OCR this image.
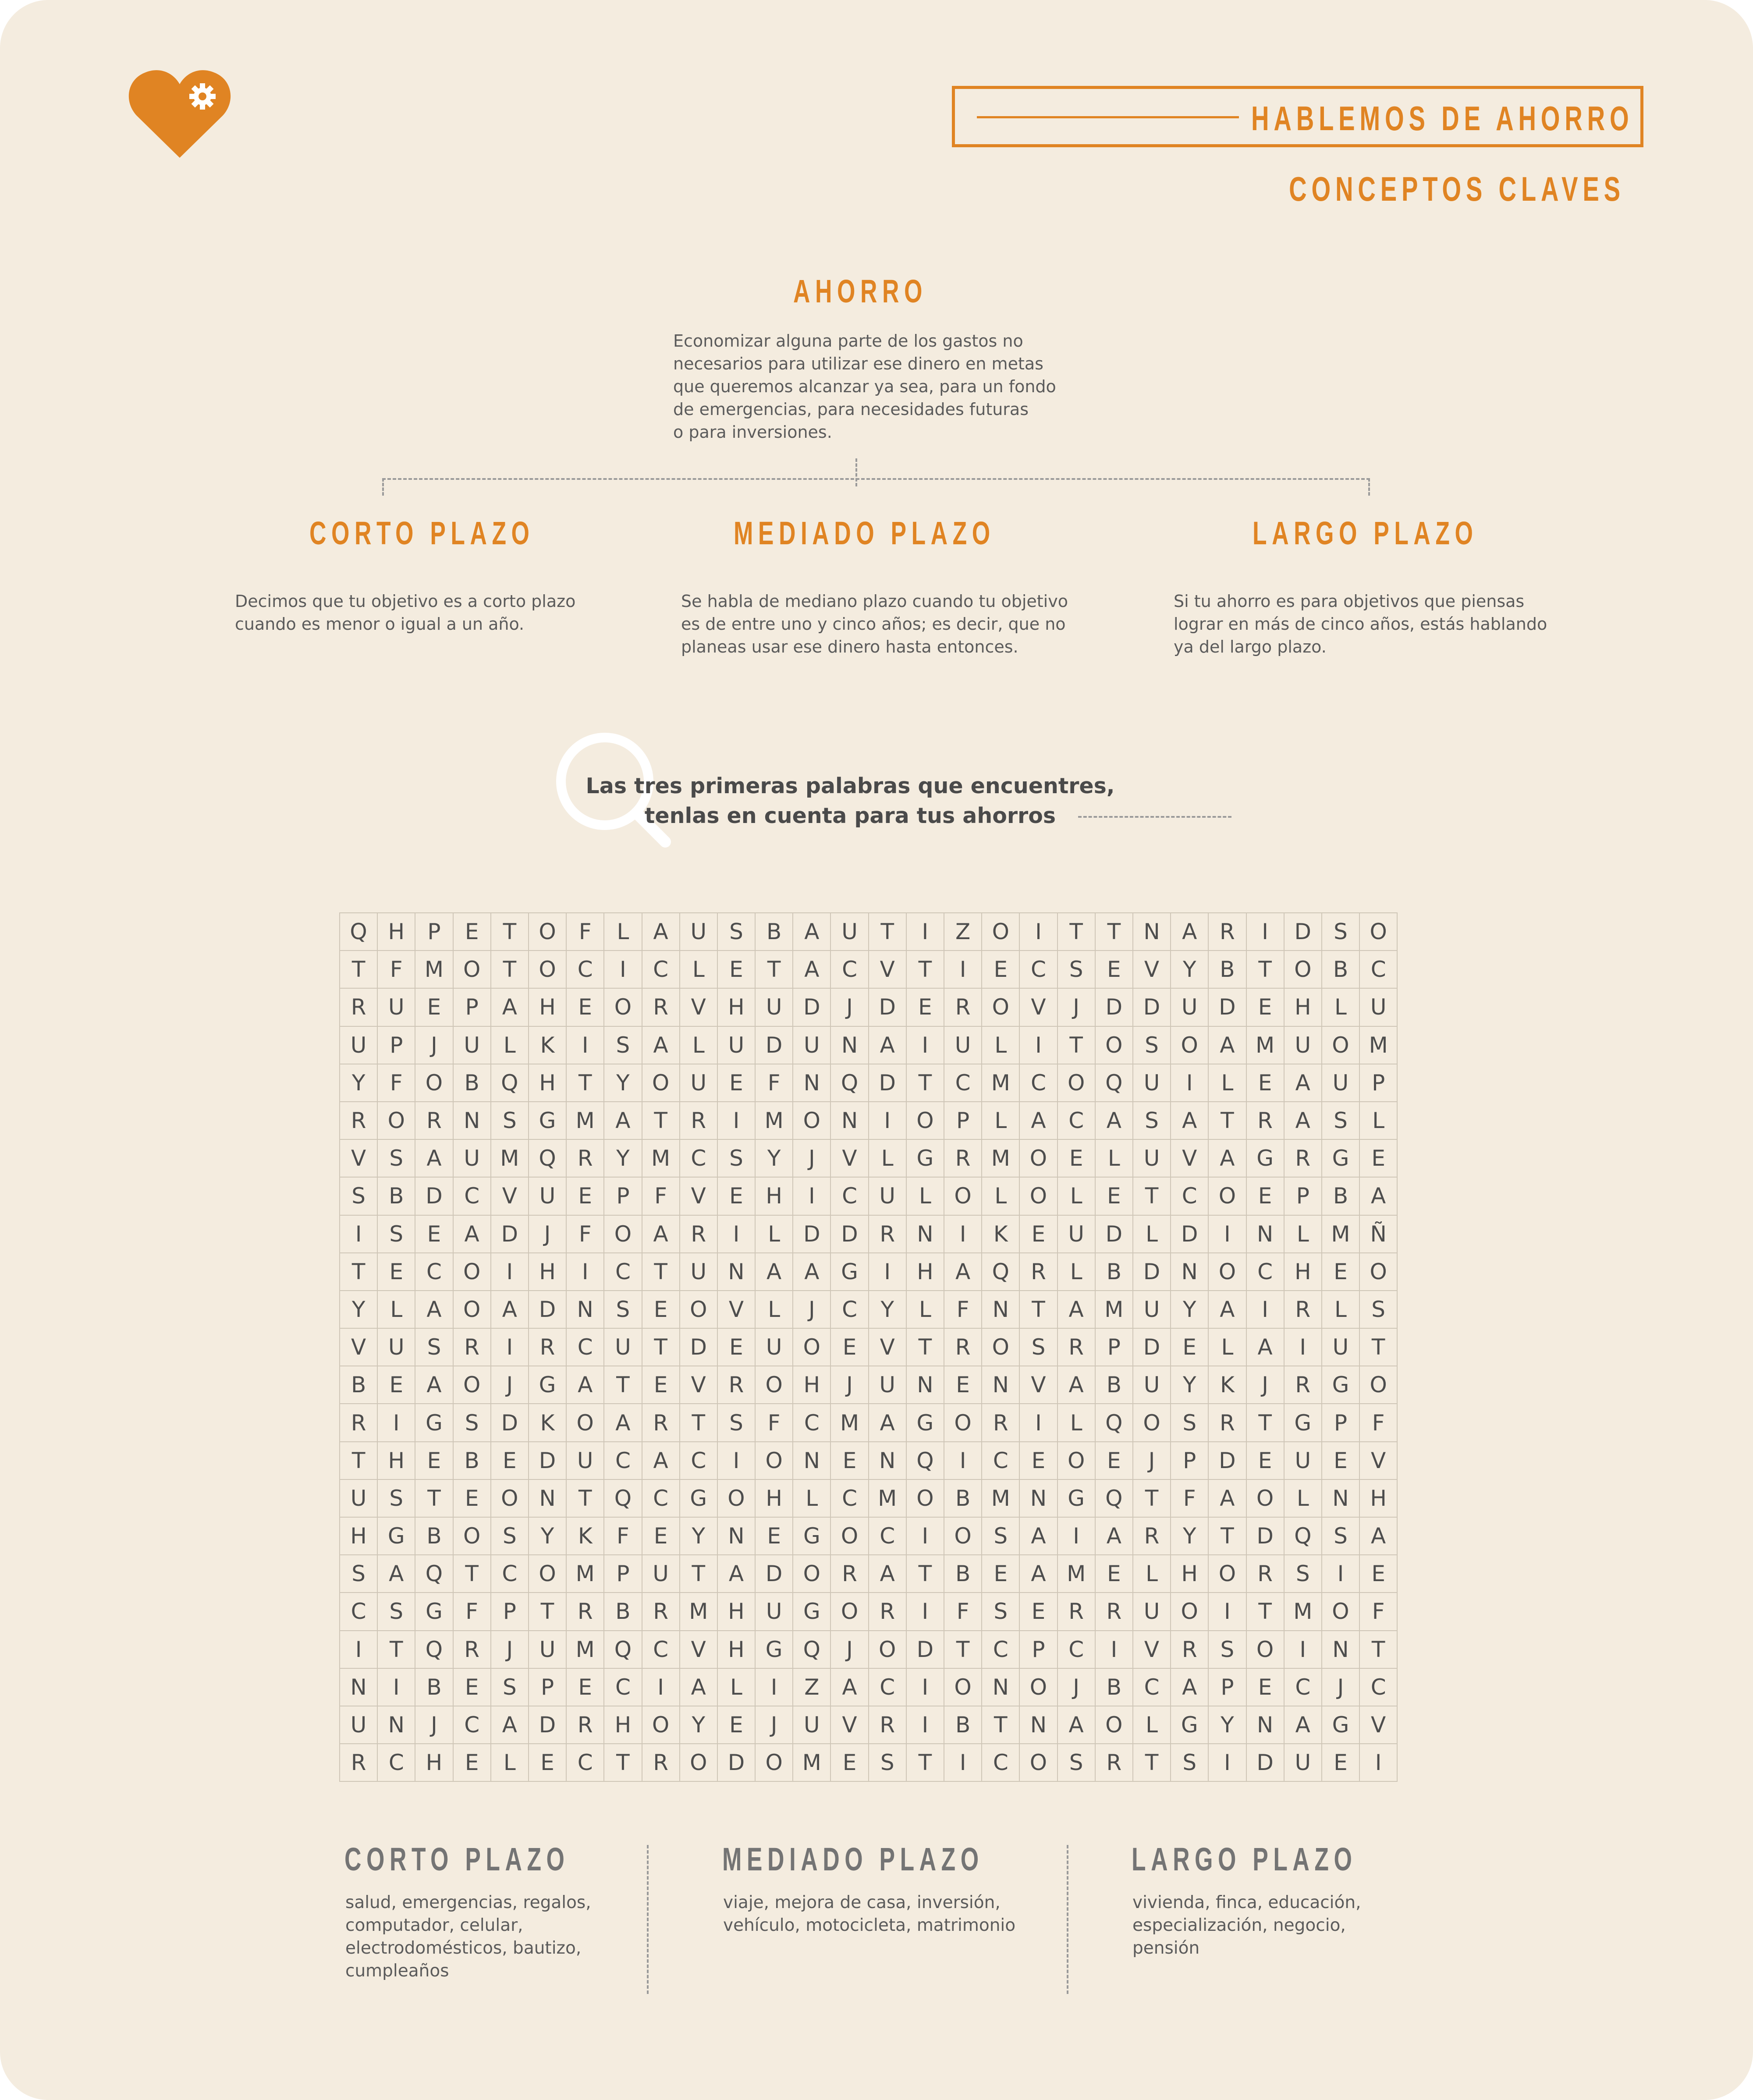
HABLEMOS DE AHORRO
CONCEPTOS CLAVES
AHORRO
Economizar alguna parte de los gastos no
necesarios para utilizar ese dinero en metas
que queremos alcanzar ya sea, para un fondo
de emergencias, para necesidades futuras
o para inversiones.
CORTO PLAZO
Decimos que tu objetivo es a corto plazo
cuando es menor o igual a un año.
MEDIADO PLAZO
Se habla de mediano plazo cuando tu objetivo
es de entre uno y cinco años; es decir, que no
planeas usar ese dinero hasta entonces.
LARGO PLAZO
Si tu ahorro es para objetivos que piensas
lograr en más de cinco años, estás hablando
ya del largo plazo.
Las tres primeras palabras que encuentres,
tenlas en cuenta para tus ahorros
Q H	P	E	T	O	F	L	A	U	S	B	A	U	T	I	Z O	I	T	T	N	A	R	I	D	S	O
T	F	M O	T	O C	I	C	L	E	T	A	C	V	T	I	E	C	S	E	V	Y	B	T	O B	C
R	U	E	P	A	H	E	O R	V	H U D	J	D	E	R O V	J	D D U D	E	H	L	U
U	P	J	U	L	K	I	S	A	L	U D U N	A	I	U	L	I	T	O	S	O A M U O M
Y	F	O B Q H	T	Y	O U	E	F	N Q D	T	C M C O Q U	I	L	E	A	U	P
R O R	N	S	G M A	T	R	I	M O N	I	O	P	L	A	C	A	S	A	T	R	A	S	L
V	S	A	U M Q R	Y M C	S	Y	J	V	L	G R M O	E	L	U	V	A G R G	E
S	B D C	V	U	E	P	F	V	E	H	I	C	U	L	O	L	O	L	E	T	C O	E	P	B	A
I	S	E	A D	J	F	O A	R	I	L	D D R	N	I	K	E	U D	L	D	I	N	L	M Ñ
T	E	C O	I	H	I	C	T	U N	A	A G	I	H	A Q R	L	B D N O C H	E	O
Y	L	A O A D N	S	E	O V	L	J	C	Y	L	F	N	T	A M U	Y	A	I	R	L	S
V	U	S	R	I	R	C	U	T	D	E	U O	E	V	T	R O	S	R	P	D	E	L	A	I	U	T
B	E	A O	J	G A	T	E	V	R O H	J	U N	E	N	V	A	B	U	Y	K	J	R G O
R	I	G	S	D	K	O A	R	T	S	F	C M A G O R	I	L	Q O	S	R	T	G	P	F
T	H	E	B	E	D U	C	A	C	I	O N	E	N Q	I	C	E	O	E	J	P	D	E	U	E	V
U	S	T	E	O N	T	Q C G O H	L	C M O B M N G Q	T	F	A O	L	N H
H G B O	S	Y	K	F	E	Y	N	E	G O C	I	O	S	A	I	A	R	Y	T	D Q	S	A
S	A Q	T	C O M P	U	T	A D O R	A	T	B	E	A M E	L	H O R	S	I	E
C	S	G	F	P	T	R	B	R M H U G O R	I	F	S	E	R	R	U O	I	T M O	F
I	T	Q R	J	U M Q C	V	H G Q	J	O D	T	C	P	C	I	V	R	S	O	I	N	T
N	I	B	E	S	P	E	C	I	A	L	I	Z	A	C	I	O N O	J	B	C	A	P	E	C	J	C
U N	J	C	A D R	H O	Y	E	J	U	V	R	I	B	T	N	A O	L	G	Y	N	A G V
R	C H	E	L	E	C	T	R O D O M E	S	T	I	C O	S	R	T	S	I	D U	E	I
CORTO PLAZO
salud, emergencias, regalos,
computador, celular,
electrodomésticos, bautizo,
cumpleaños
MEDIADO PLAZO
viaje, mejora de casa, inversión,
vehículo, motocicleta, matrimonio
LARGO PLAZO
vivienda, finca, educación,
especialización, negocio,
pensión
